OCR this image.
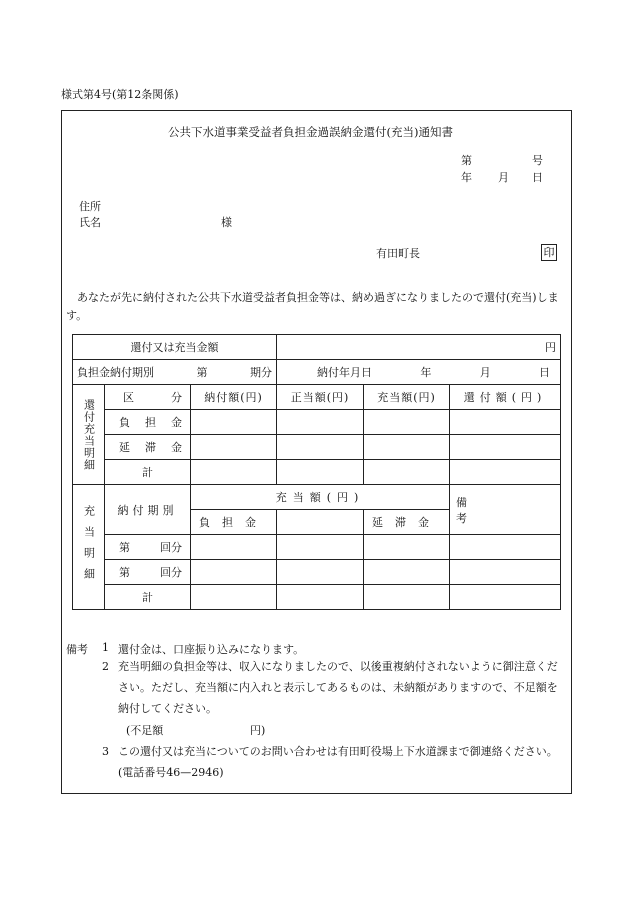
様式第4号(第12条関係)
公共下水道事業受益者負担金過誤納金還付(充当)通知書
第	号
年 月 日
住所
氏名	様
有田町長	印
あなたが先に納付された公共下水道受益者負担金等は、納め過ぎになりましたので還付(充当)します。
還付又は充当金額			円		

負担金納付期別 第 期分			納付年月日 年 月 日		

還付充当明細	区 分	納付額(円)	正当額(円)	充当額(円)	還付額(円)

	負 担 金				

	延 滞 金				

	計				
充当明細	納付期別	充当額(円)			備考

		負担金		延滞金	

	第 回分				

	第 回分				

	計				
備考 1 還付金は、口座振り込みになります。
2 充当明細の負担金等は、収入になりましたので、以後重複納付されないように御注意ください。ただし、充当額に内入れと表示してあるものは、未納額がありますので、不足額を納付してください。
(不足額	円)
3 この還付又は充当についてのお問い合わせは有田町役場上下水道課まで御連絡ください。(電話番号46—2946)
